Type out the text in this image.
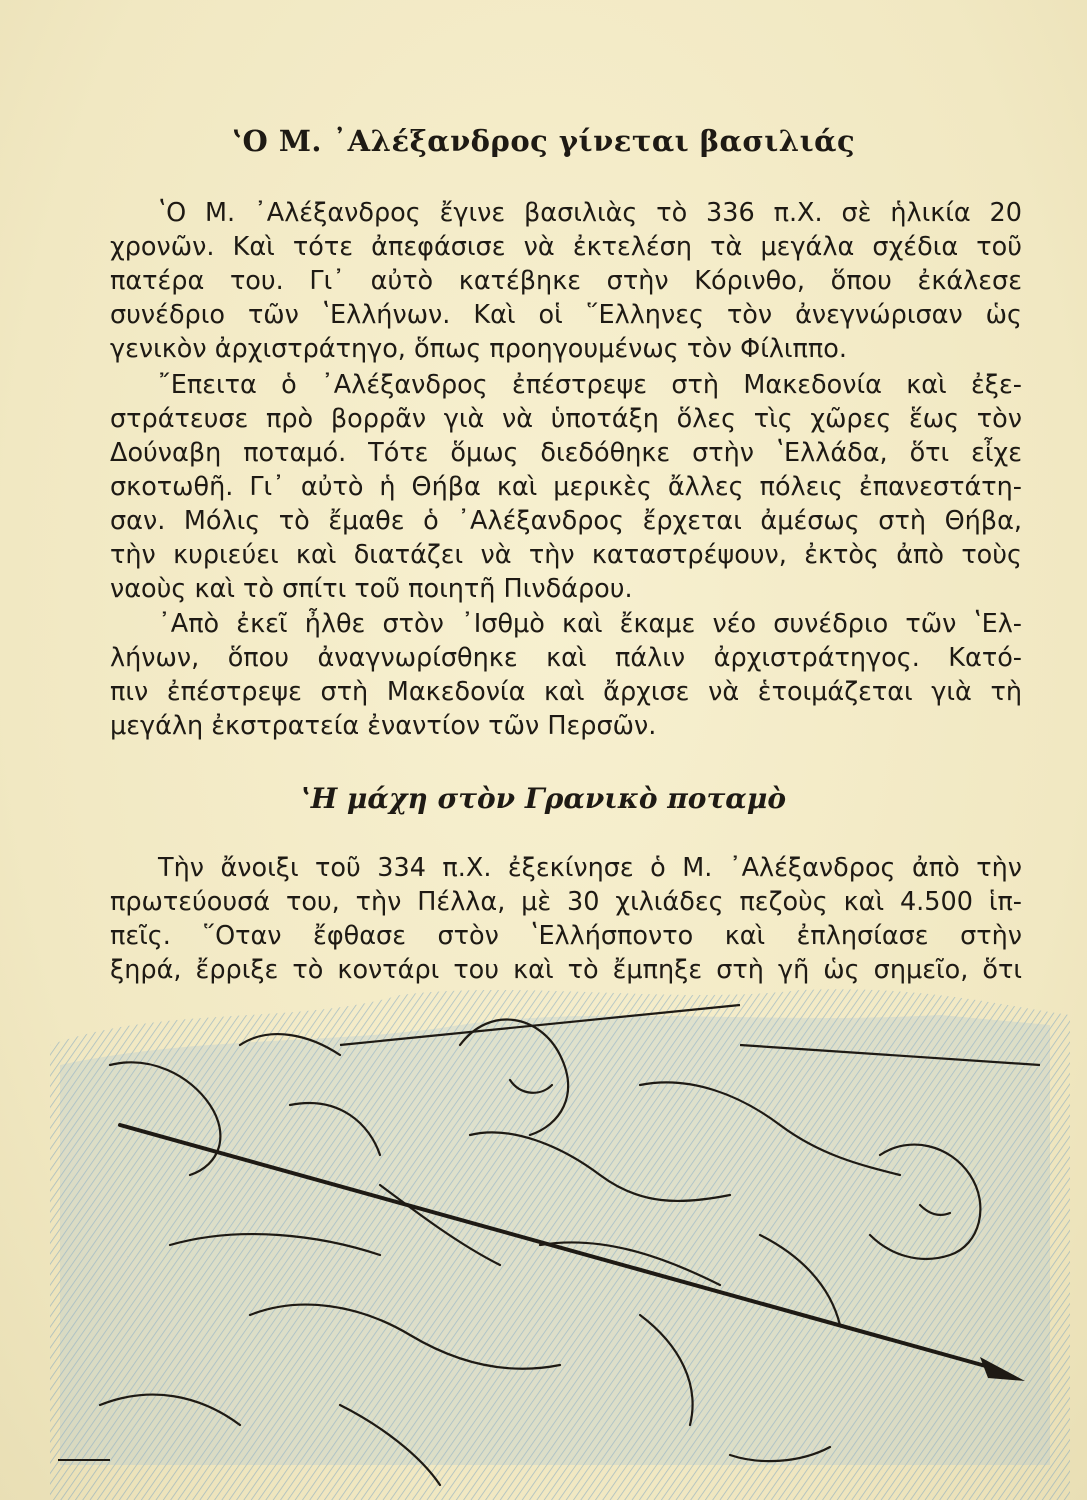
ʽΟ Μ. ᾿Αλέξανδρος γίνεται βασιλιάς
ʽΟ Μ. ᾿Αλέξανδρος ἔγινε βασιλιὰς τὸ 336 π.Χ. σὲ ἡλικία 20
χρονῶν. Καὶ τότε ἀπεφάσισε νὰ ἐκτελέση τὰ μεγάλα σχέδια τοῦ
πατέρα του. Γι᾿ αὐτὸ κατέβηκε στὴν Κόρινθο, ὅπου ἐκάλεσε
συνέδριο τῶν ʽΕλλήνων. Καὶ οἱ ῞Ελληνες τὸν ἀνεγνώρισαν ὡς
γενικὸν ἀρχιστράτηγο, ὅπως προηγουμένως τὸν Φίλιππο.
῎Επειτα ὁ ᾿Αλέξανδρος ἐπέστρεψε στὴ Μακεδονία καὶ ἐξε-
στράτευσε πρὸ βορρᾶν γιὰ νὰ ὑποτάξη ὅλες τὶς χῶρες ἕως τὸν
Δούναβη ποταμό. Τότε ὅμως διεδόθηκε στὴν ʽΕλλάδα, ὅτι εἶχε
σκοτωθῆ. Γι᾿ αὐτὸ ἡ Θήβα καὶ μερικὲς ἄλλες πόλεις ἐπανεστάτη-
σαν. Μόλις τὸ ἔμαθε ὁ ᾿Αλέξανδρος ἔρχεται ἀμέσως στὴ Θήβα,
τὴν κυριεύει καὶ διατάζει νὰ τὴν καταστρέψουν, ἐκτὸς ἀπὸ τοὺς
ναοὺς καὶ τὸ σπίτι τοῦ ποιητῆ Πινδάρου.
᾿Απὸ ἐκεῖ ἦλθε στὸν ᾿Ισθμὸ καὶ ἔκαμε νέο συνέδριο τῶν ʽΕλ-
λήνων, ὅπου ἀναγνωρίσθηκε καὶ πάλιν ἀρχιστράτηγος. Κατό-
πιν ἐπέστρεψε στὴ Μακεδονία καὶ ἄρχισε νὰ ἑτοιμάζεται γιὰ τὴ
μεγάλη ἐκστρατεία ἐναντίον τῶν Περσῶν.
ʽΗ μάχη στὸν Γρανικὸ ποταμὸ
Τὴν ἄνοιξι τοῦ 334 π.Χ. ἐξεκίνησε ὁ Μ. ᾿Αλέξανδρος ἀπὸ τὴν
πρωτεύουσά του, τὴν Πέλλα, μὲ 30 χιλιάδες πεζοὺς καὶ 4.500 ἱπ-
πεῖς. ῞Οταν ἔφθασε στὸν ʽΕλλήσποντο καὶ ἐπλησίασε στὴν
ξηρά, ἔρριξε τὸ κοντάρι του καὶ τὸ ἔμπηξε στὴ γῆ ὡς σημεῖο, ὅτι
